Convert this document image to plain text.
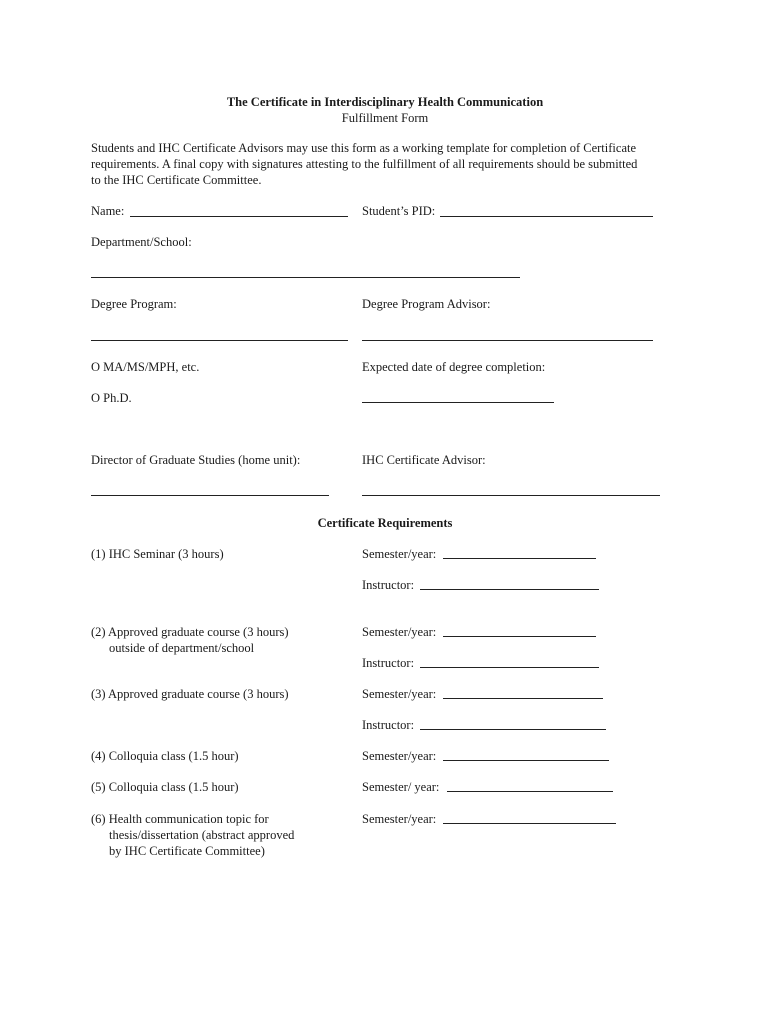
The Certificate in Interdisciplinary Health Communication
Fulfillment Form
Students and IHC Certificate Advisors may use this form as a working template for completion of Certificate
requirements. A final copy with signatures attesting to the fulfillment of all requirements should be submitted
to the IHC Certificate Committee.
Name:	Student’s PID:
Department/School:
Degree Program:	Degree Program Advisor:
O MA/MS/MPH, etc.	Expected date of degree completion:
O Ph.D.
Director of Graduate Studies (home unit):	IHC Certificate Advisor:
Certificate Requirements
(1) IHC Seminar (3 hours)	Semester/year:
Instructor:
(2) Approved graduate course (3 hours)
outside of department/school
Semester/year:
Instructor:
(3) Approved graduate course (3 hours)	Semester/year:
Instructor:
(4) Colloquia class (1.5 hour)	Semester/year:
(5) Colloquia class (1.5 hour)	Semester/ year:
(6) Health communication topic for
thesis/dissertation (abstract approved
by IHC Certificate Committee)
Semester/year:
